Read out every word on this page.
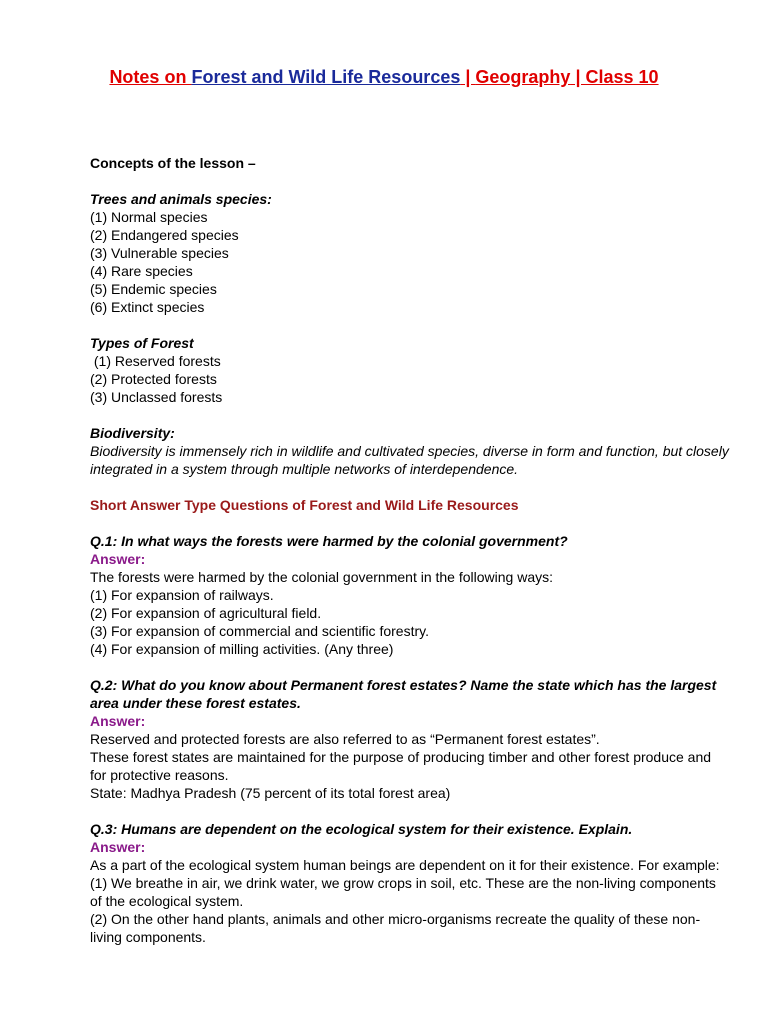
Notes on Forest and Wild Life Resources | Geography | Class 10

Concepts of the lesson –

Trees and animals species:

(1) Normal species

(2) Endangered species

(3) Vulnerable species

(4) Rare species

(5) Endemic species

(6) Extinct species

Types of Forest

(1) Reserved forests

(2) Protected forests

(3) Unclassed forests

Biodiversity:

Biodiversity is immensely rich in wildlife and cultivated species, diverse in form and function, but closely integrated in a system through multiple networks of interdependence.

Short Answer Type Questions of Forest and Wild Life Resources

Q.1: In what ways the forests were harmed by the colonial government?

Answer:

The forests were harmed by the colonial government in the following ways:

(1) For expansion of railways.

(2) For expansion of agricultural field.

(3) For expansion of commercial and scientific forestry.

(4) For expansion of milling activities. (Any three)

Q.2: What do you know about Permanent forest estates? Name the state which has the largest area under these forest estates.

Answer:

Reserved and protected forests are also referred to as “Permanent forest estates”.

These forest states are maintained for the purpose of producing timber and other forest produce and for protective reasons.

State: Madhya Pradesh (75 percent of its total forest area)

Q.3: Humans are dependent on the ecological system for their existence. Explain.

Answer:

As a part of the ecological system human beings are dependent on it for their existence. For example:

(1) We breathe in air, we drink water, we grow crops in soil, etc. These are the non-living components of the ecological system.

(2) On the other hand plants, animals and other micro-organisms recreate the quality of these non-living components.
